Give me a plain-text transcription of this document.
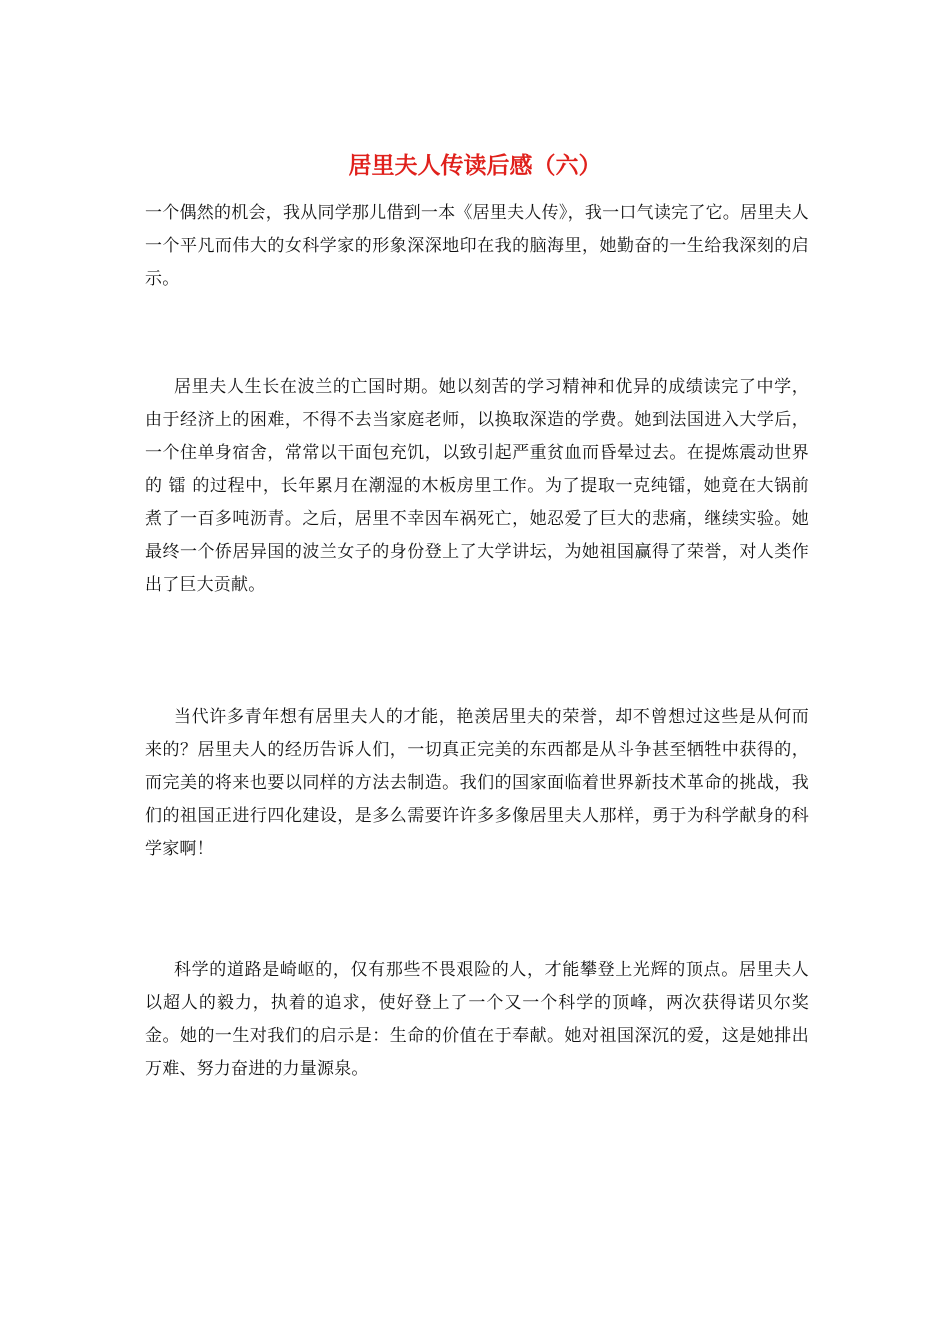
居里夫人传读后感（六）

一个偶然的机会，我从同学那儿借到一本《居里夫人传》，我一口气读完了它。居里夫人 一个平凡而伟大的女科学家的形象深深地印在我的脑海里，她勤奋的一生给我深刻的启示。

居里夫人生长在波兰的亡国时期。她以刻苦的学习精神和优异的成绩读完了中学，由于经济上的困难，不得不去当家庭老师，以换取深造的学费。她到法国进入大学后，一个住单身宿舍，常常以干面包充饥，以致引起严重贫血而昏晕过去。在提炼震动世界的 镭 的过程中，长年累月在潮湿的木板房里工作。为了提取一克纯镭，她竟在大锅前煮了一百多吨沥青。之后，居里不幸因车祸死亡，她忍爱了巨大的悲痛，继续实验。她最终一个侨居异国的波兰女子的身份登上了大学讲坛，为她祖国赢得了荣誉，对人类作出了巨大贡献。

当代许多青年想有居里夫人的才能，艳羡居里夫的荣誉，却不曾想过这些是从何而来的？居里夫人的经历告诉人们，一切真正完美的东西都是从斗争甚至牺牲中获得的，而完美的将来也要以同样的方法去制造。我们的国家面临着世界新技术革命的挑战，我们的祖国正进行四化建设，是多么需要许许多多像居里夫人那样，勇于为科学献身的科学家啊！

科学的道路是崎岖的，仅有那些不畏艰险的人，才能攀登上光辉的顶点。居里夫人以超人的毅力，执着的追求，使好登上了一个又一个科学的顶峰，两次获得诺贝尔奖金。她的一生对我们的启示是：生命的价值在于奉献。她对祖国深沉的爱，这是她排出万难、努力奋进的力量源泉。
